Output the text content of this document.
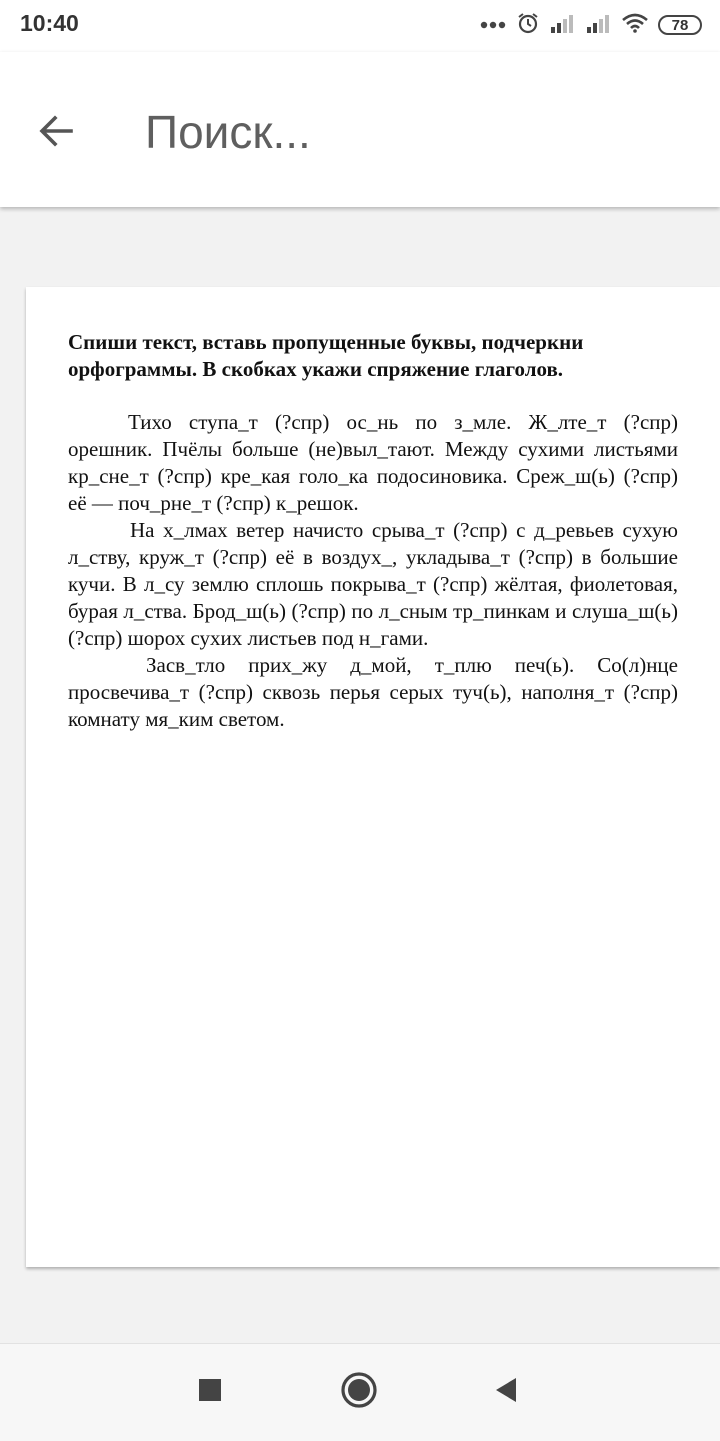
10:40	78
Поиск...

Спиши текст, вставь пропущенные буквы, подчеркни орфограммы. В скобках укажи спряжение глаголов.

Тихо ступа_т (?спр) ос_нь по з_мле. Ж_лте_т (?спр) орешник. Пчёлы больше (не)выл_тают. Между сухими листьями кр_сне_т (?спр) кре_кая голо_ка подосиновика. Среж_ш(ь) (?спр) её — поч_рне_т (?спр) к_решок.

На х_лмах ветер начисто срыва_т (?спр) с д_ревьев сухую л_ству, круж_т (?спр) её в воздух_, укладыва_т (?спр) в большие кучи. В л_су землю сплошь покрыва_т (?спр) жёлтая, фиолетовая, бурая л_ства. Брод_ш(ь) (?спр) по л_сным тр_пинкам и слуша_ш(ь) (?спр) шорох сухих листьев под н_гами.

Засв_тло прих_жу д_мой, т_плю печ(ь). Со(л)нце просвечива_т (?спр) сквозь перья серых туч(ь), наполня_т (?спр) комнату мя_ким светом.
